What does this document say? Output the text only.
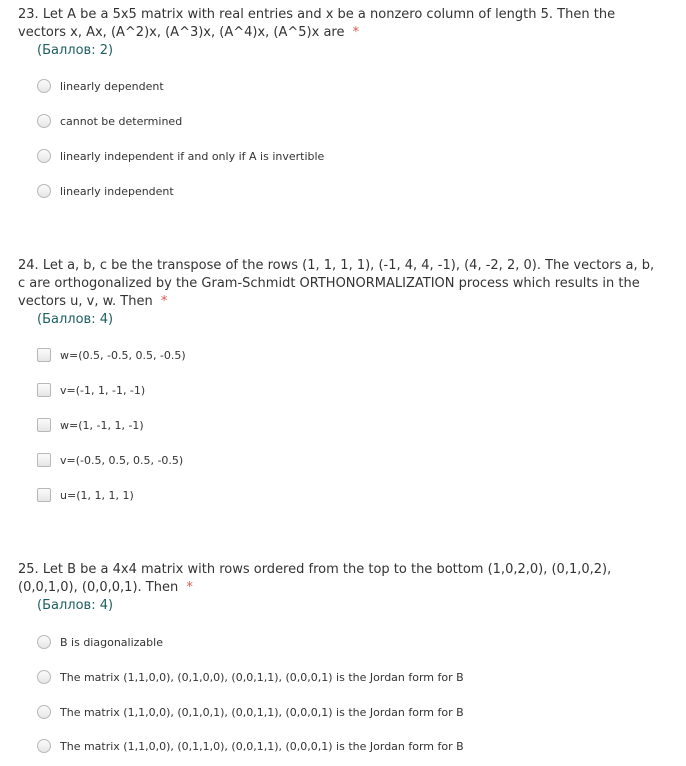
23. Let A be a 5x5 matrix with real entries and x be a nonzero column of length 5. Then the vectors x, Ax, (A^2)x, (A^3)x, (A^4)x, (A^5)x are *
(Баллов: 2)
linearly dependent
cannot be determined
linearly independent if and only if A is invertible
linearly independent
24. Let a, b, c be the transpose of the rows (1, 1, 1, 1), (-1, 4, 4, -1), (4, -2, 2, 0). The vectors a, b, c are orthogonalized by the Gram-Schmidt ORTHONORMALIZATION process which results in the vectors u, v, w. Then *
(Баллов: 4)
w=(0.5, -0.5, 0.5, -0.5)
v=(-1, 1, -1, -1)
w=(1, -1, 1, -1)
v=(-0.5, 0.5, 0.5, -0.5)
u=(1, 1, 1, 1)
25. Let B be a 4x4 matrix with rows ordered from the top to the bottom (1,0,2,0), (0,1,0,2), (0,0,1,0), (0,0,0,1). Then *
(Баллов: 4)
B is diagonalizable
The matrix (1,1,0,0), (0,1,0,0), (0,0,1,1), (0,0,0,1) is the Jordan form for B
The matrix (1,1,0,0), (0,1,0,1), (0,0,1,1), (0,0,0,1) is the Jordan form for B
The matrix (1,1,0,0), (0,1,1,0), (0,0,1,1), (0,0,0,1) is the Jordan form for B
